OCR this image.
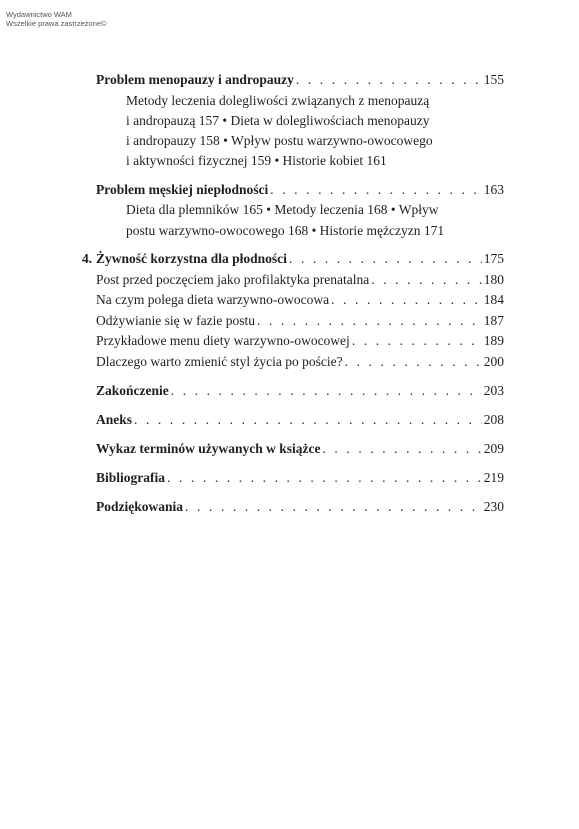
Wydawnictwo WAM
Wszelkie prawa zastrzeżone©
Problem menopauzy i andropauzy . . .	155
Metody leczenia dolegliwości związanych z menopauzą
i andropauzą 157 • Dieta w dolegliwościach menopauzy
i andropauzy 158 • Wpływ postu warzywno-owocowego
i aktywności fizycznej 159 • Historie kobiet 161
Problem męskiej niepłodności . . .	163
Dieta dla plemników 165 • Metody leczenia 168 • Wpływ
postu warzywno-owocowego 168 • Historie mężczyzn 171
4. Żywność korzystna dla płodności . . .	175
Post przed poczęciem jako profilaktyka prenatalna . . .	180
Na czym polega dieta warzywno-owocowa . . .	184
Odżywianie się w fazie postu . . .	187
Przykładowe menu diety warzywno-owocowej . . .	189
Dlaczego warto zmienić styl życia po poście? . . .	200
Zakończenie . . .	203
Aneks . . .	208
Wykaz terminów używanych w książce . . .	209
Bibliografia . . .	219
Podziękowania . . .	230
